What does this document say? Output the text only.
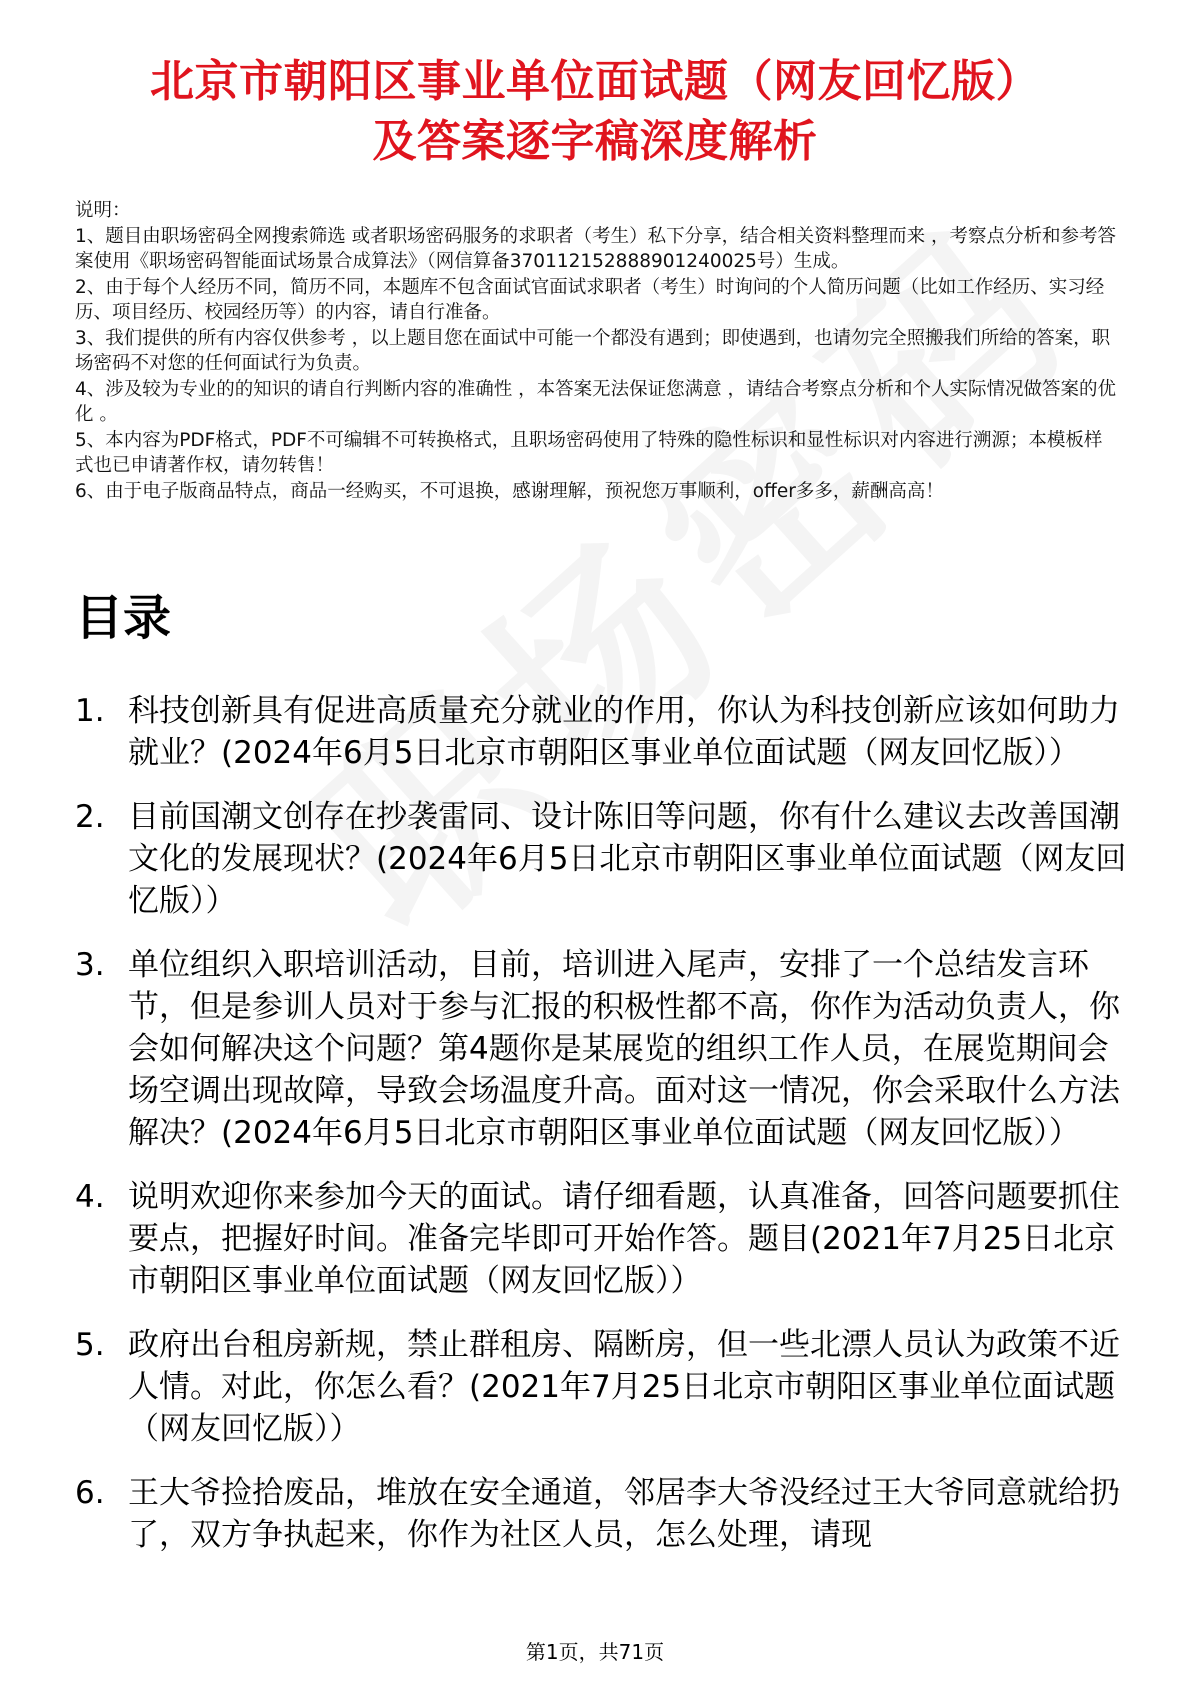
北京市朝阳区事业单位面试题（网友回忆版）
及答案逐字稿深度解析

说明：

1、题目由职场密码全网搜索筛选 或者职场密码服务的求职者（考生）私下分享，结合相关资料整理而来 ，考察点分析和参考答案使用《职场密码智能面试场景合成算法》（网信算备370112152888901240025号）生成。

2、由于每个人经历不同，简历不同，本题库不包含面试官面试求职者（考生）时询问的个人简历问题（比如工作经历、实习经历、项目经历、校园经历等）的内容，请自行准备。

3、我们提供的所有内容仅供参考 ，以上题目您在面试中可能一个都没有遇到；即使遇到，也请勿完全照搬我们所给的答案，职场密码不对您的任何面试行为负责。

4、涉及较为专业的的知识的请自行判断内容的准确性 ，本答案无法保证您满意 ，请结合考察点分析和个人实际情况做答案的优化 。

5、本内容为PDF格式，PDF不可编辑不可转换格式，且职场密码使用了特殊的隐性标识和显性标识对内容进行溯源；本模板样式也已申请著作权，请勿转售！

6、由于电子版商品特点，商品一经购买，不可退换，感谢理解，预祝您万事顺利，offer多多，薪酬高高！

目录
1. 科技创新具有促进高质量充分就业的作用，你认为科技创新应该如何助力就业？(2024年6月5日北京市朝阳区事业单位面试题（网友回忆版））
2. 目前国潮文创存在抄袭雷同、设计陈旧等问题，你有什么建议去改善国潮文化的发展现状？(2024年6月5日北京市朝阳区事业单位面试题（网友回忆版））
3. 单位组织入职培训活动，目前，培训进入尾声，安排了一个总结发言环节，但是参训人员对于参与汇报的积极性都不高，你作为活动负责人，你会如何解决这个问题？第4题你是某展览的组织工作人员，在展览期间会场空调出现故障，导致会场温度升高。面对这一情况，你会采取什么方法解决？(2024年6月5日北京市朝阳区事业单位面试题（网友回忆版））
4. 说明欢迎你来参加今天的面试。请仔细看题，认真准备，回答问题要抓住要点，把握好时间。准备完毕即可开始作答。题目(2021年7月25日北京市朝阳区事业单位面试题（网友回忆版））
5. 政府出台租房新规，禁止群租房、隔断房，但一些北漂人员认为政策不近人情。对此，你怎么看？(2021年7月25日北京市朝阳区事业单位面试题（网友回忆版））
6. 王大爷捡拾废品，堆放在安全通道，邻居李大爷没经过王大爷同意就给扔了，双方争执起来，你作为社区人员，怎么处理，请现
第1页，共71页
